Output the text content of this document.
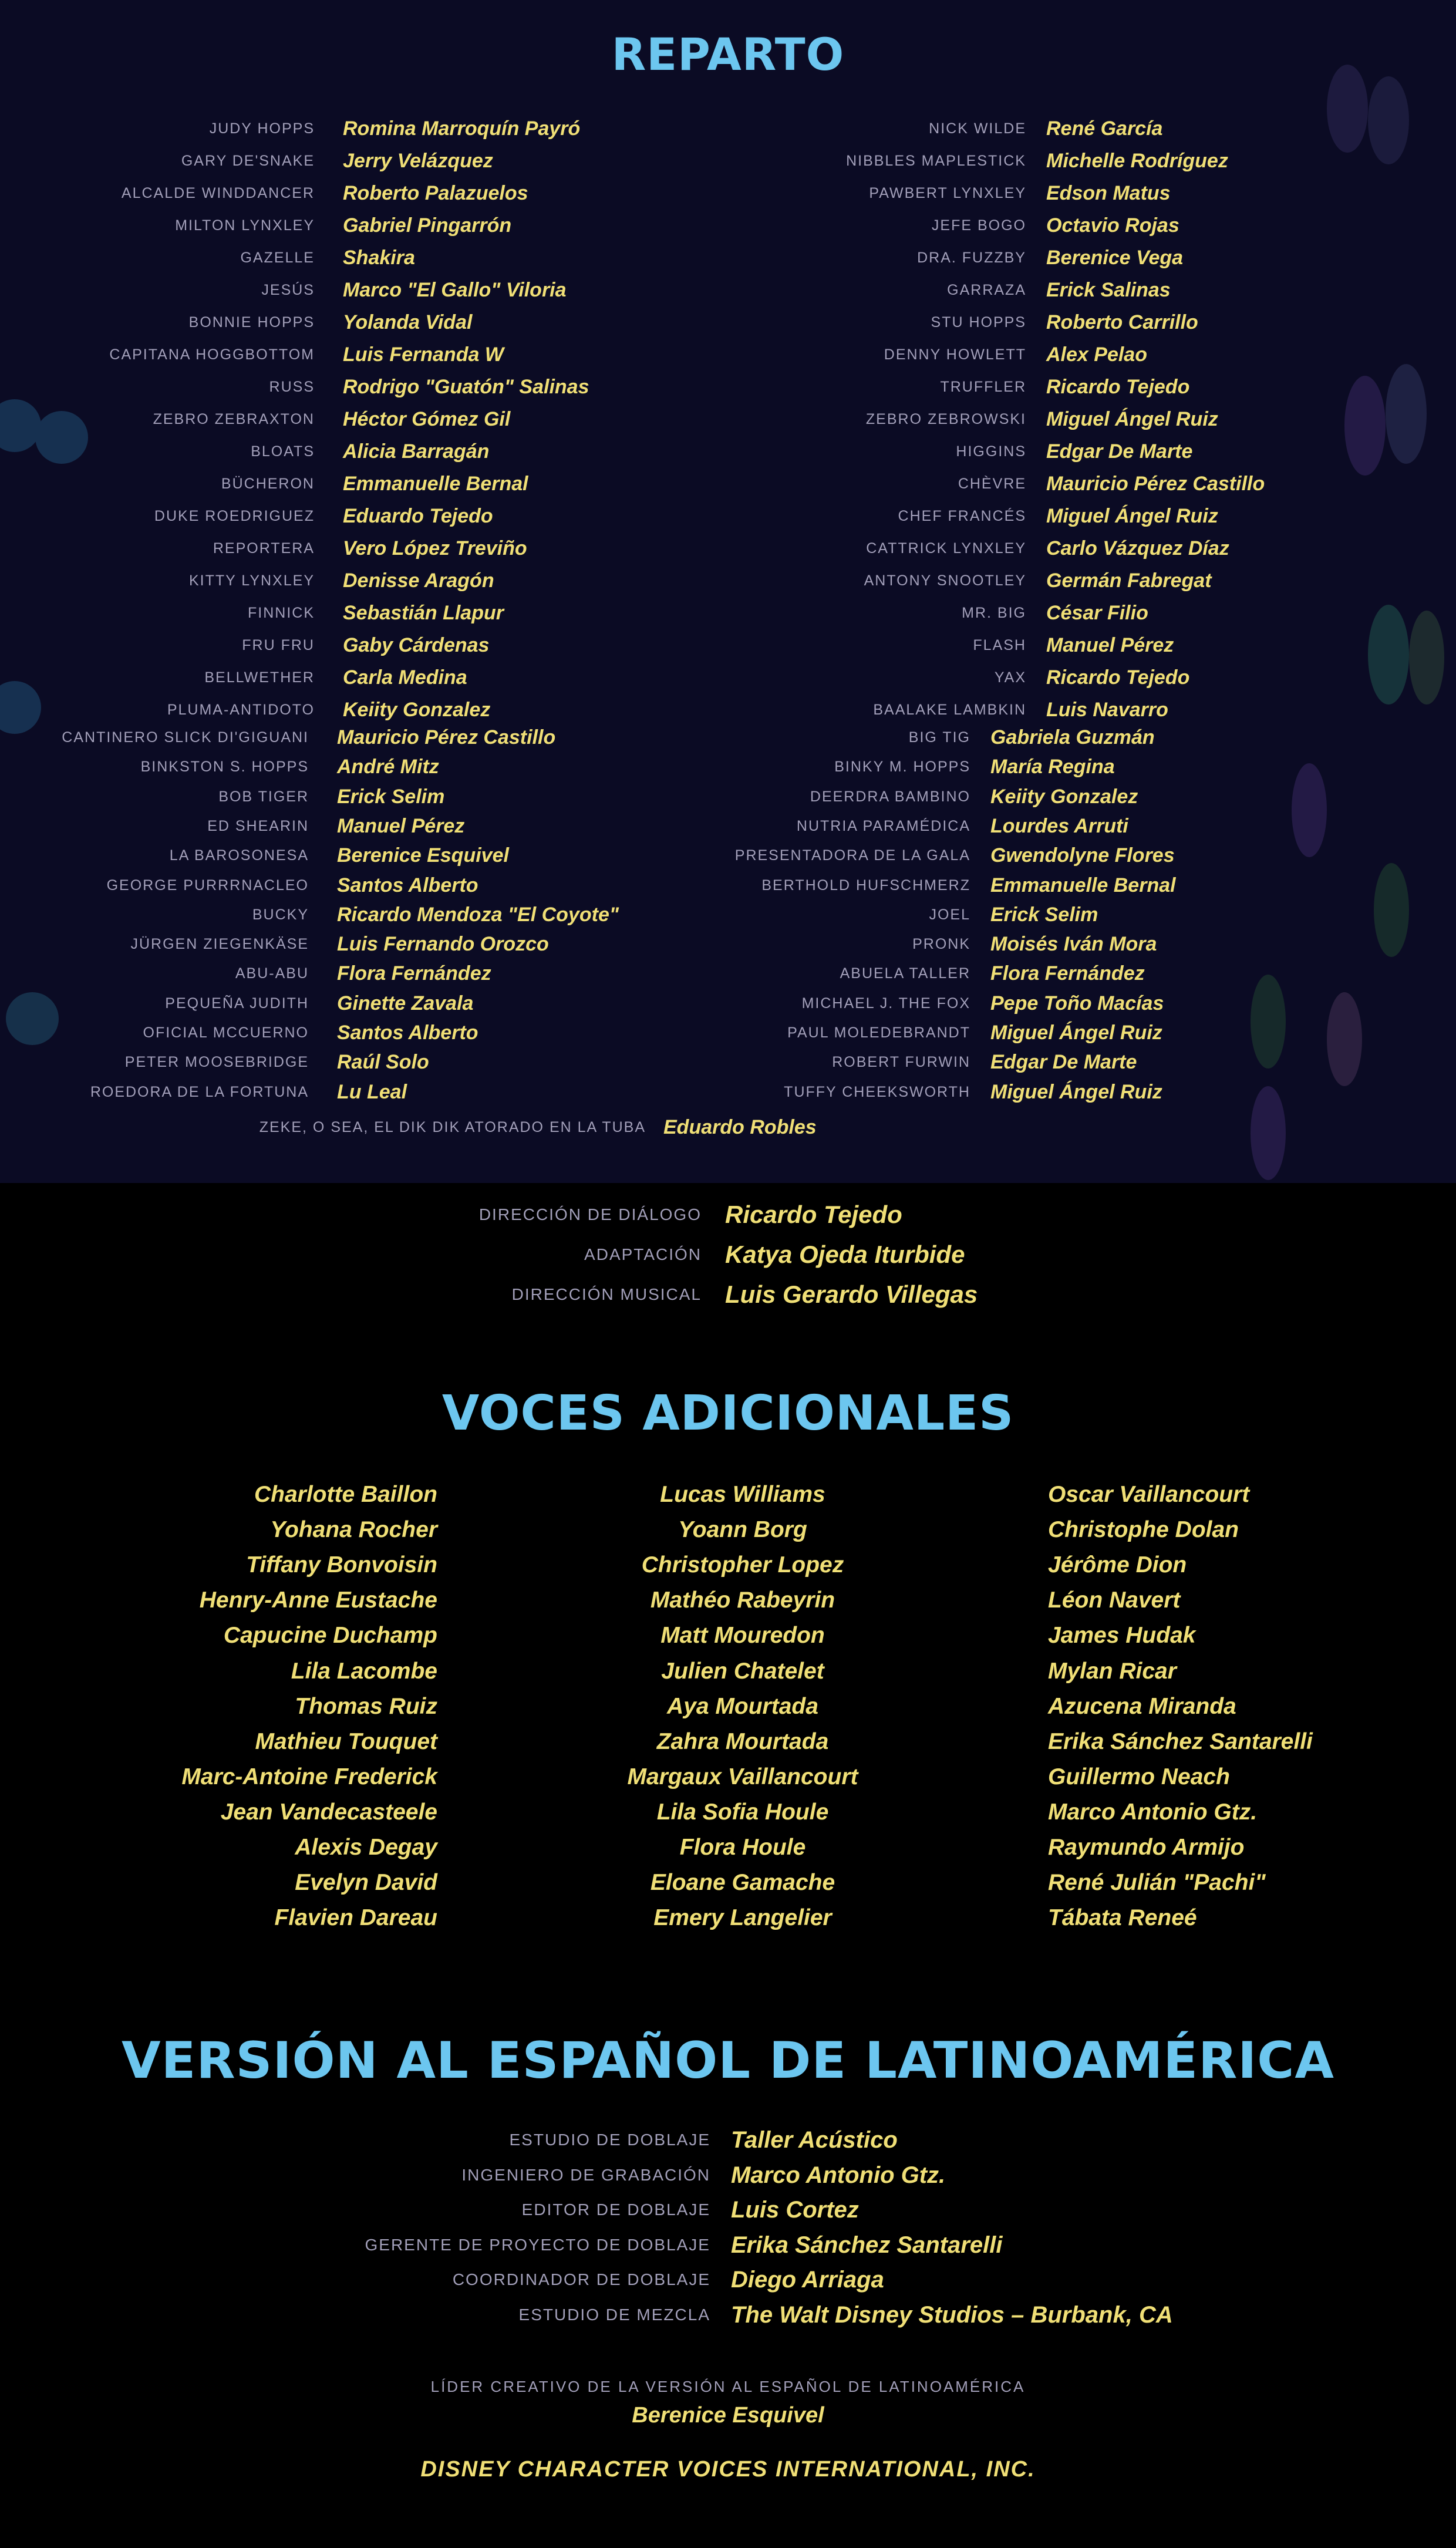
REPARTO
JUDY HOPPS Romina Marroquín Payró
GARY DE'SNAKE Jerry Velázquez
ALCALDE WINDDANCER Roberto Palazuelos
MILTON LYNXLEY Gabriel Pingarrón
GAZELLE Shakira
JESÚS Marco "El Gallo" Viloria
BONNIE HOPPS Yolanda Vidal
CAPITANA HOGGBOTTOM Luis Fernanda W
RUSS Rodrigo "Guatón" Salinas
ZEBRO ZEBRAXTON Héctor Gómez Gil
BLOATS Alicia Barragán
BÜCHERON Emmanuelle Bernal
DUKE ROEDRIGUEZ Eduardo Tejedo
REPORTERA Vero López Treviño
KITTY LYNXLEY Denisse Aragón
FINNICK Sebastián Llapur
FRU FRU Gaby Cárdenas
BELLWETHER Carla Medina
PLUMA-ANTIDOTO Keiity Gonzalez
CANTINERO SLICK DI'GIGUANI Mauricio Pérez Castillo
BINKSTON S. HOPPS André Mitz
BOB TIGER Erick Selim
ED SHEARIN Manuel Pérez
LA BAROSONESA Berenice Esquivel
GEORGE PURRRNACLEO Santos Alberto
BUCKY Ricardo Mendoza "El Coyote"
JÜRGEN ZIEGENKÄSE Luis Fernando Orozco
ABU-ABU Flora Fernández
PEQUEÑA JUDITH Ginette Zavala
OFICIAL MCCUERNO Santos Alberto
PETER MOOSEBRIDGE Raúl Solo
ROEDORA DE LA FORTUNA Lu Leal
NICK WILDE René García
NIBBLES MAPLESTICK Michelle Rodríguez
PAWBERT LYNXLEY Edson Matus
JEFE BOGO Octavio Rojas
DRA. FUZZBY Berenice Vega
GARRAZA Erick Salinas
STU HOPPS Roberto Carrillo
DENNY HOWLETT Alex Pelao
TRUFFLER Ricardo Tejedo
ZEBRO ZEBROWSKI Miguel Ángel Ruiz
HIGGINS Edgar De Marte
CHÈVRE Mauricio Pérez Castillo
CHEF FRANCÉS Miguel Ángel Ruiz
CATTRICK LYNXLEY Carlo Vázquez Díaz
ANTONY SNOOTLEY Germán Fabregat
MR. BIG César Filio
FLASH Manuel Pérez
YAX Ricardo Tejedo
BAALAKE LAMBKIN Luis Navarro
BIG TIG Gabriela Guzmán
BINKY M. HOPPS María Regina
DEERDRA BAMBINO Keiity Gonzalez
NUTRIA PARAMÉDICA Lourdes Arruti
PRESENTADORA DE LA GALA Gwendolyne Flores
BERTHOLD HUFSCHMERZ Emmanuelle Bernal
JOEL Erick Selim
PRONK Moisés Iván Mora
ABUELA TALLER Flora Fernández
MICHAEL J. THE FOX Pepe Toño Macías
PAUL MOLEDEBRANDT Miguel Ángel Ruiz
ROBERT FURWIN Edgar De Marte
TUFFY CHEEKSWORTH Miguel Ángel Ruiz
ZEKE, O SEA, EL DIK DIK ATORADO EN LA TUBA Eduardo Robles
DIRECCIÓN DE DIÁLOGO Ricardo Tejedo
ADAPTACIÓN Katya Ojeda Iturbide
DIRECCIÓN MUSICAL Luis Gerardo Villegas
VOCES ADICIONALES
Charlotte Baillon
Yohana Rocher
Tiffany Bonvoisin
Henry-Anne Eustache
Capucine Duchamp
Lila Lacombe
Thomas Ruiz
Mathieu Touquet
Marc-Antoine Frederick
Jean Vandecasteele
Alexis Degay
Evelyn David
Flavien Dareau
Lucas Williams
Yoann Borg
Christopher Lopez
Mathéo Rabeyrin
Matt Mouredon
Julien Chatelet
Aya Mourtada
Zahra Mourtada
Margaux Vaillancourt
Lila Sofia Houle
Flora Houle
Eloane Gamache
Emery Langelier
Oscar Vaillancourt
Christophe Dolan
Jérôme Dion
Léon Navert
James Hudak
Mylan Ricar
Azucena Miranda
Erika Sánchez Santarelli
Guillermo Neach
Marco Antonio Gtz.
Raymundo Armijo
René Julián "Pachi"
Tábata Reneé
VERSIÓN AL ESPAÑOL DE LATINOAMÉRICA
ESTUDIO DE DOBLAJE Taller Acústico
INGENIERO DE GRABACIÓN Marco Antonio Gtz.
EDITOR DE DOBLAJE Luis Cortez
GERENTE DE PROYECTO DE DOBLAJE Erika Sánchez Santarelli
COORDINADOR DE DOBLAJE Diego Arriaga
ESTUDIO DE MEZCLA The Walt Disney Studios – Burbank, CA
LÍDER CREATIVO DE LA VERSIÓN AL ESPAÑOL DE LATINOAMÉRICA
Berenice Esquivel
DISNEY CHARACTER VOICES INTERNATIONAL, INC.
